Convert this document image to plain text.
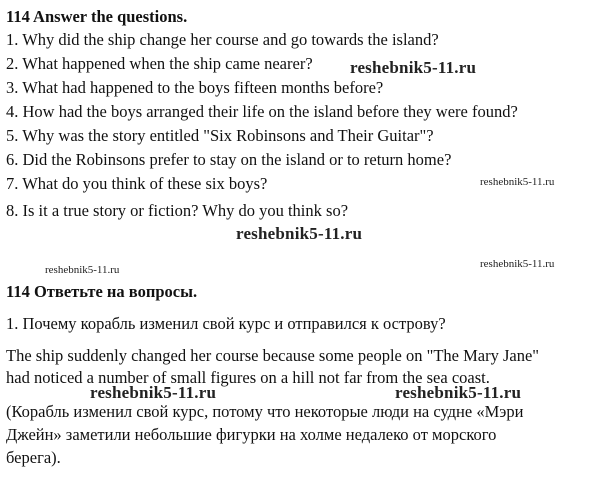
114 Answer the questions.
1. Why did the ship change her course and go towards the island?
2. What happened when the ship came nearer?
3. What had happened to the boys fifteen months before?
4. How had the boys arranged their life on the island before they were found?
5. Why was the story entitled "Six Robinsons and Their Guitar"?
6. Did the Robinsons prefer to stay on the island or to return home?
7. What do you think of these six boys?
8. Is it a true story or fiction? Why do you think so?
114 Ответьте на вопросы.
1. Почему корабль изменил свой курс и отправился к острову?
The ship suddenly changed her course because some people on "The Mary Jane"
had noticed a number of small figures on a hill not far from the sea coast.
(Корабль изменил свой курс, потому что некоторые люди на судне «Мэри
Джейн» заметили небольшие фигурки на холме недалеко от морского
берега).
reshebnik5-11.ru
reshebnik5-11.ru
reshebnik5-11.ru
reshebnik5-11.ru	reshebnik5-11.ru
reshebnik5-11.ru	reshebnik5-11.ru
